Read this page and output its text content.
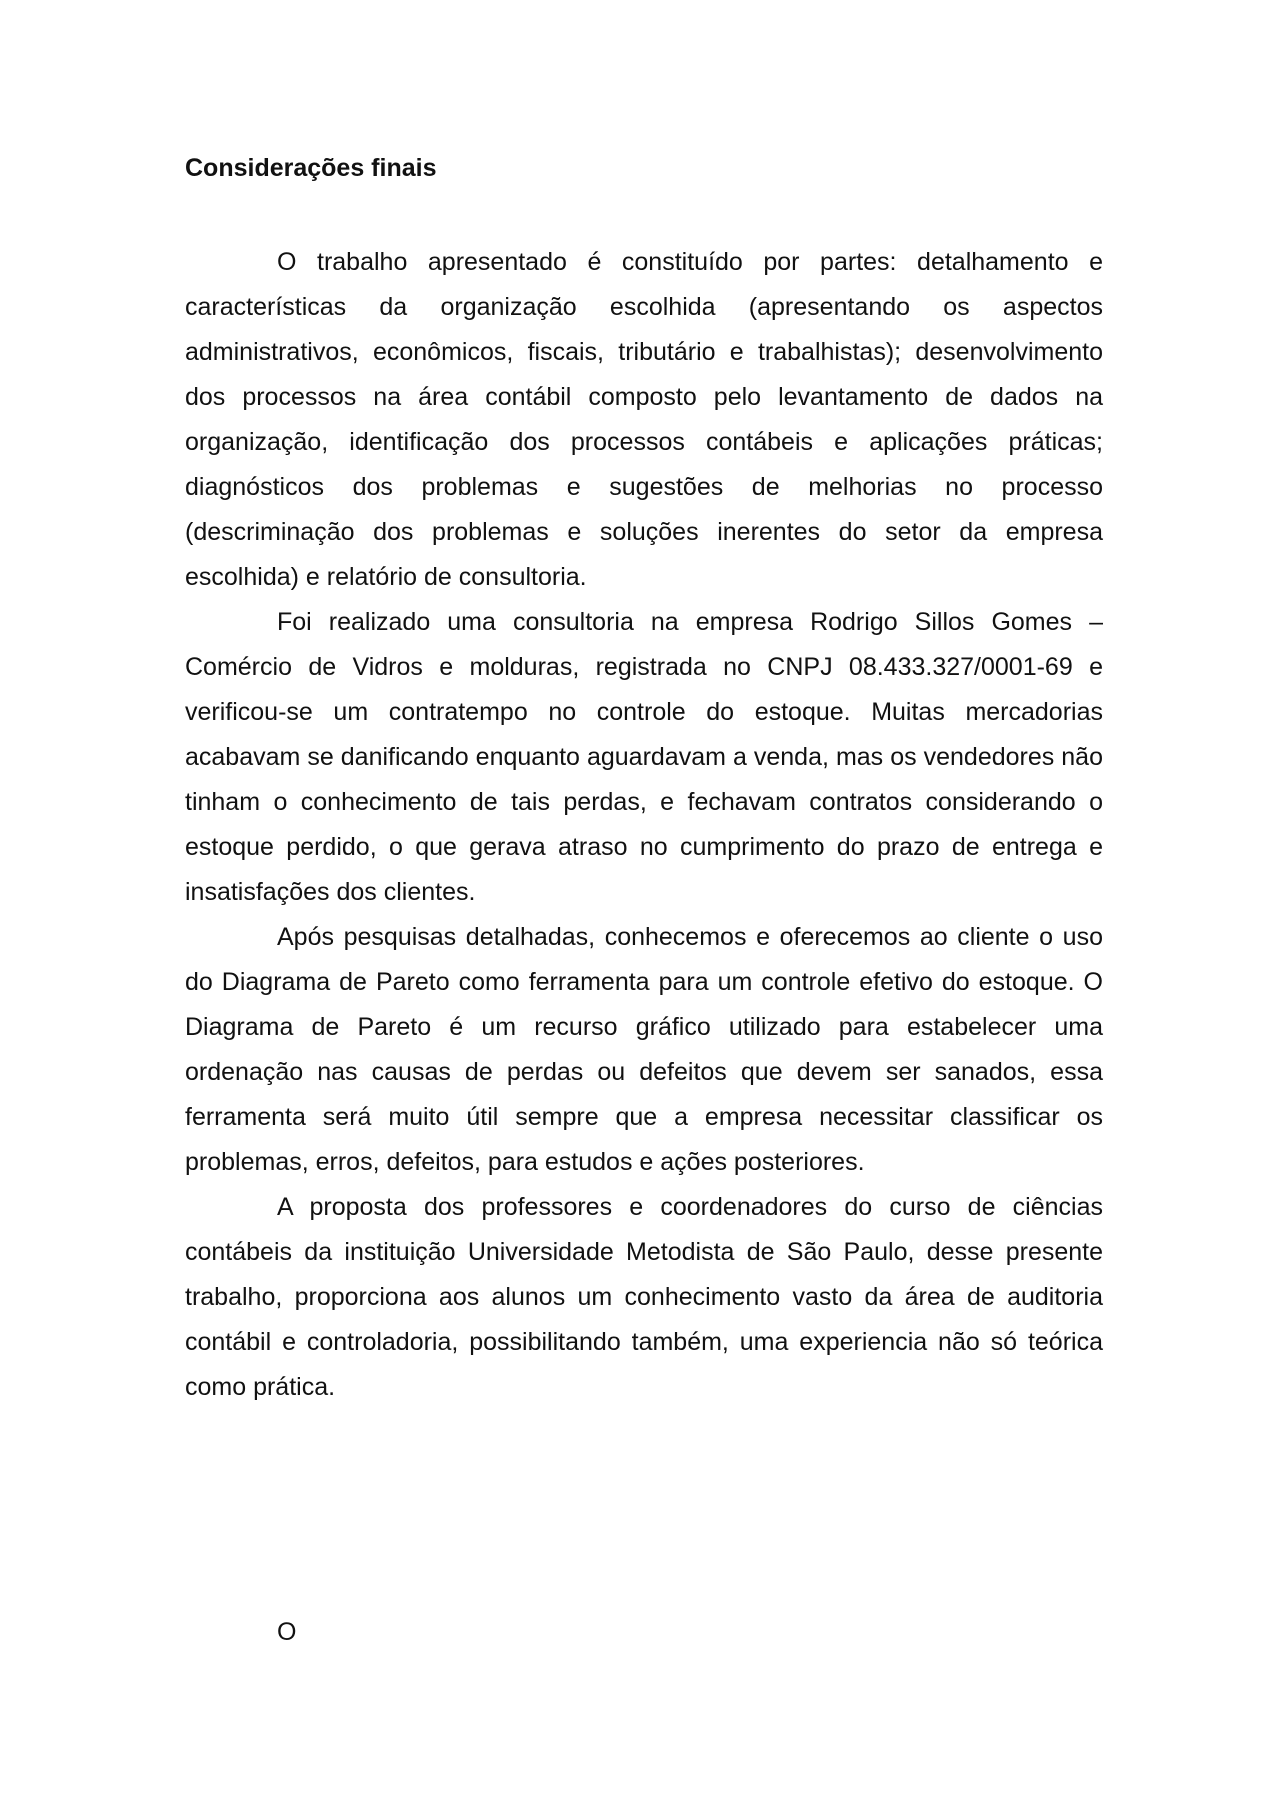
Considerações finais

O trabalho apresentado é constituído por partes: detalhamento e características da organização escolhida (apresentando os aspectos administrativos, econômicos, fiscais, tributário e trabalhistas); desenvolvimento dos processos na área contábil composto pelo levantamento de dados na organização, identificação dos processos contábeis e aplicações práticas; diagnósticos dos problemas e sugestões de melhorias no processo (descriminação dos problemas e soluções inerentes do setor da empresa escolhida) e relatório de consultoria.

Foi realizado uma consultoria na empresa Rodrigo Sillos Gomes – Comércio de Vidros e molduras, registrada no CNPJ 08.433.327/0001-69 e verificou-se um contratempo no controle do estoque. Muitas mercadorias acabavam se danificando enquanto aguardavam a venda, mas os vendedores não tinham o conhecimento de tais perdas, e fechavam contratos considerando o estoque perdido, o que gerava atraso no cumprimento do prazo de entrega e insatisfações dos clientes.

Após pesquisas detalhadas, conhecemos e oferecemos ao cliente o uso do Diagrama de Pareto como ferramenta para um controle efetivo do estoque. O Diagrama de Pareto é um recurso gráfico utilizado para estabelecer uma ordenação nas causas de perdas ou defeitos que devem ser sanados, essa ferramenta será muito útil sempre que a empresa necessitar classificar os problemas, erros, defeitos, para estudos e ações posteriores.

A proposta dos professores e coordenadores do curso de ciências contábeis da instituição Universidade Metodista de São Paulo, desse presente trabalho, proporciona aos alunos um conhecimento vasto da área de auditoria contábil e controladoria, possibilitando também, uma experiencia não só teórica como prática.

O
